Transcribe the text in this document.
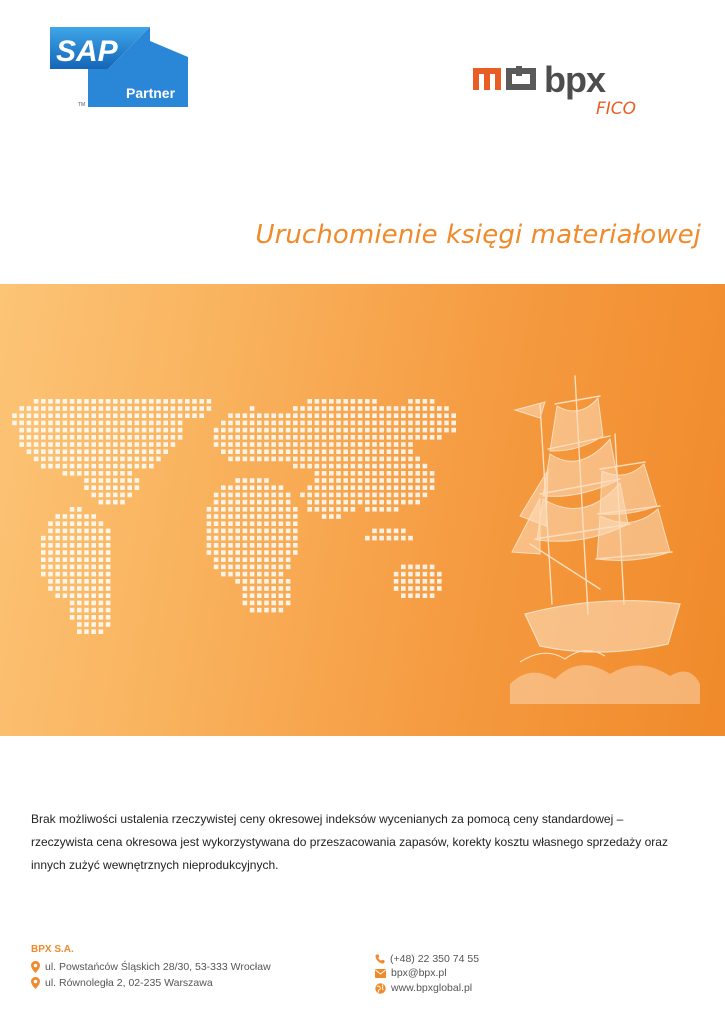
SAP
Partner
TM
bpx
FICO
Uruchomienie księgi materiałowej
Brak możliwości ustalenia rzeczywistej ceny okresowej indeksów wycenianych za pomocą ceny standardowej – rzeczywista cena okresowa jest wykorzystywana do przeszacowania zapasów, korekty kosztu własnego sprzedaży oraz innych zużyć wewnętrznych nieprodukcyjnych.
BPX S.A.
ul. Powstańców Śląskich 28/30, 53-333 Wrocław
ul. Równoległa 2, 02-235 Warszawa
(+48) 22 350 74 55
bpx@bpx.pl
www.bpxglobal.pl
